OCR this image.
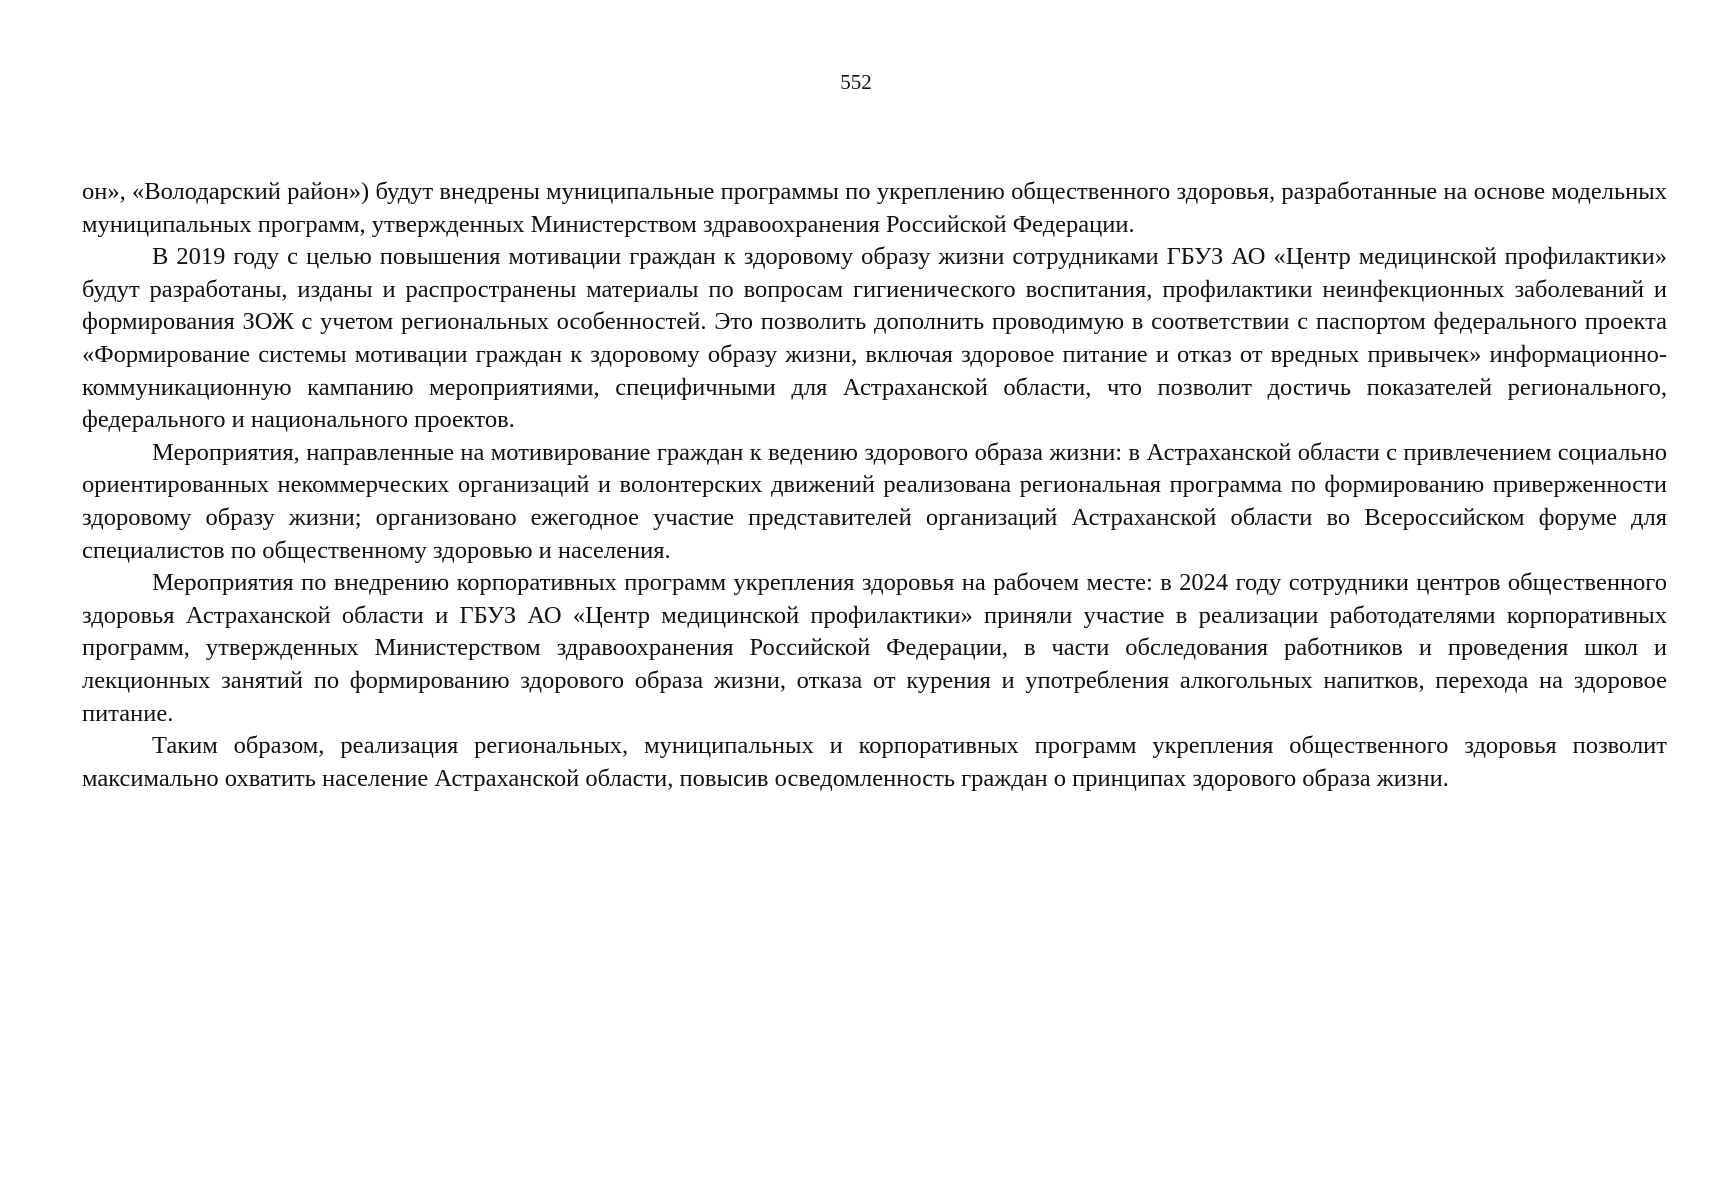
552

он», «Володарский район») будут внедрены муниципальные программы по укреплению общественного здоровья, разработанные на основе модельных муниципальных программ, утвержденных Министерством здравоохранения Российской Федерации.

В 2019 году с целью повышения мотивации граждан к здоровому образу жизни сотрудниками ГБУЗ АО «Центр медицинской профилактики» будут разработаны, изданы и распространены материалы по вопросам гигиенического воспитания, профилактики неинфекционных заболеваний и формирования ЗОЖ с учетом региональных особенностей. Это позволить дополнить проводимую в соответствии с паспортом федерального проекта «Формирование системы мотивации граждан к здоровому образу жизни, включая здоровое питание и отказ от вредных привычек» информационно-коммуникационную кампанию мероприятиями, специфичными для Астраханской области, что позволит достичь показателей регионального, федерального и национального проектов.

Мероприятия, направленные на мотивирование граждан к ведению здорового образа жизни: в Астраханской области с привлечением социально ориентированных некоммерческих организаций и волонтерских движений реализована региональная программа по формированию приверженности здоровому образу жизни; организовано ежегодное участие представителей организаций Астраханской области во Всероссийском форуме для специалистов по общественному здоровью и населения.

Мероприятия по внедрению корпоративных программ укрепления здоровья на рабочем месте: в 2024 году сотрудники центров общественного здоровья Астраханской области и ГБУЗ АО «Центр медицинской профилактики» приняли участие в реализации работодателями корпоративных программ, утвержденных Министерством здравоохранения Российской Федерации, в части обследования работников и проведения школ и лекционных занятий по формированию здорового образа жизни, отказа от курения и употребления алкогольных напитков, перехода на здоровое питание.

Таким образом, реализация региональных, муниципальных и корпоративных программ укрепления общественного здоровья позволит максимально охватить население Астраханской области, повысив осведомленность граждан о принципах здорового образа жизни.
